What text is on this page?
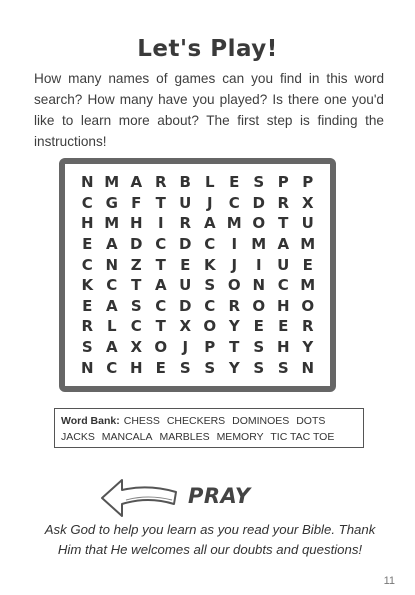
Let's Play!
How many names of games can you find in this word search? How many have you played? Is there one you'd like to learn more about? The first step is finding the instructions!
N M A R B L E S P P
C G F T U	J	C D R X
H M H	I	R A M O T U
E A D C D C	I M A M
C N Z T E K	J	I	U E
K C T A U S O N C M
E A S C D C R O H O
R L C T X O Y E E R
S A X O	J	P T S H Y
N C H E S S Y S S N
Word Bank: CHESS CHECKERS DOMINOES DOTS JACKS MANCALA MARBLES MEMORY TIC TAC TOE
PRAY
Ask God to help you learn as you read your Bible. Thank Him that He welcomes all our doubts and questions!
11
